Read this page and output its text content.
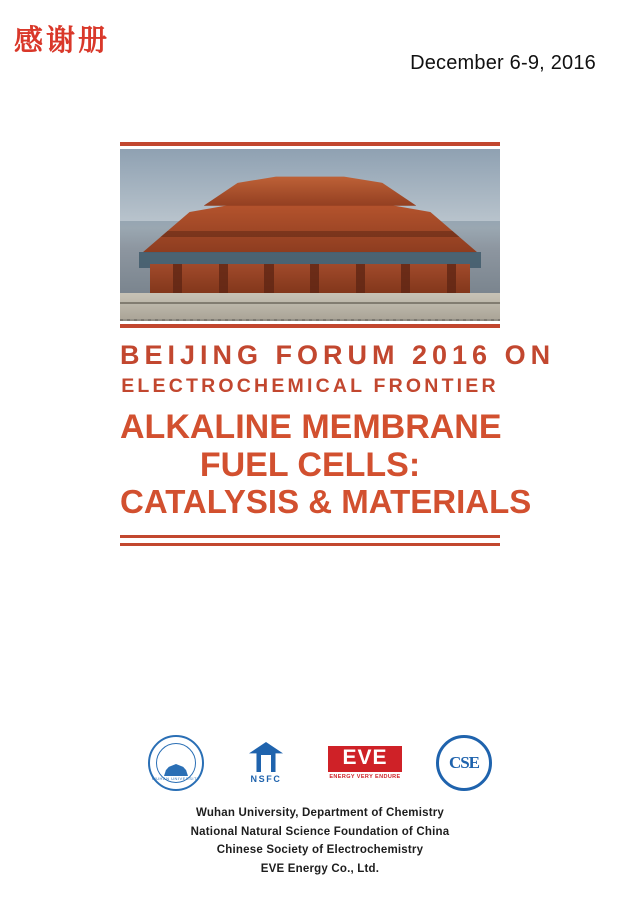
感谢册
December 6-9, 2016
BEIJING FORUM 2016 ON
ELECTROCHEMICAL FRONTIER
ALKALINE MEMBRANE
FUEL CELLS:
CATALYSIS & MATERIALS
WUHAN UNIVERSITY	NSFC
EVE
ENERGY VERY ENDURE
CSE
Wuhan University, Department of Chemistry
National Natural Science Foundation of China
Chinese Society of Electrochemistry
EVE Energy Co., Ltd.
